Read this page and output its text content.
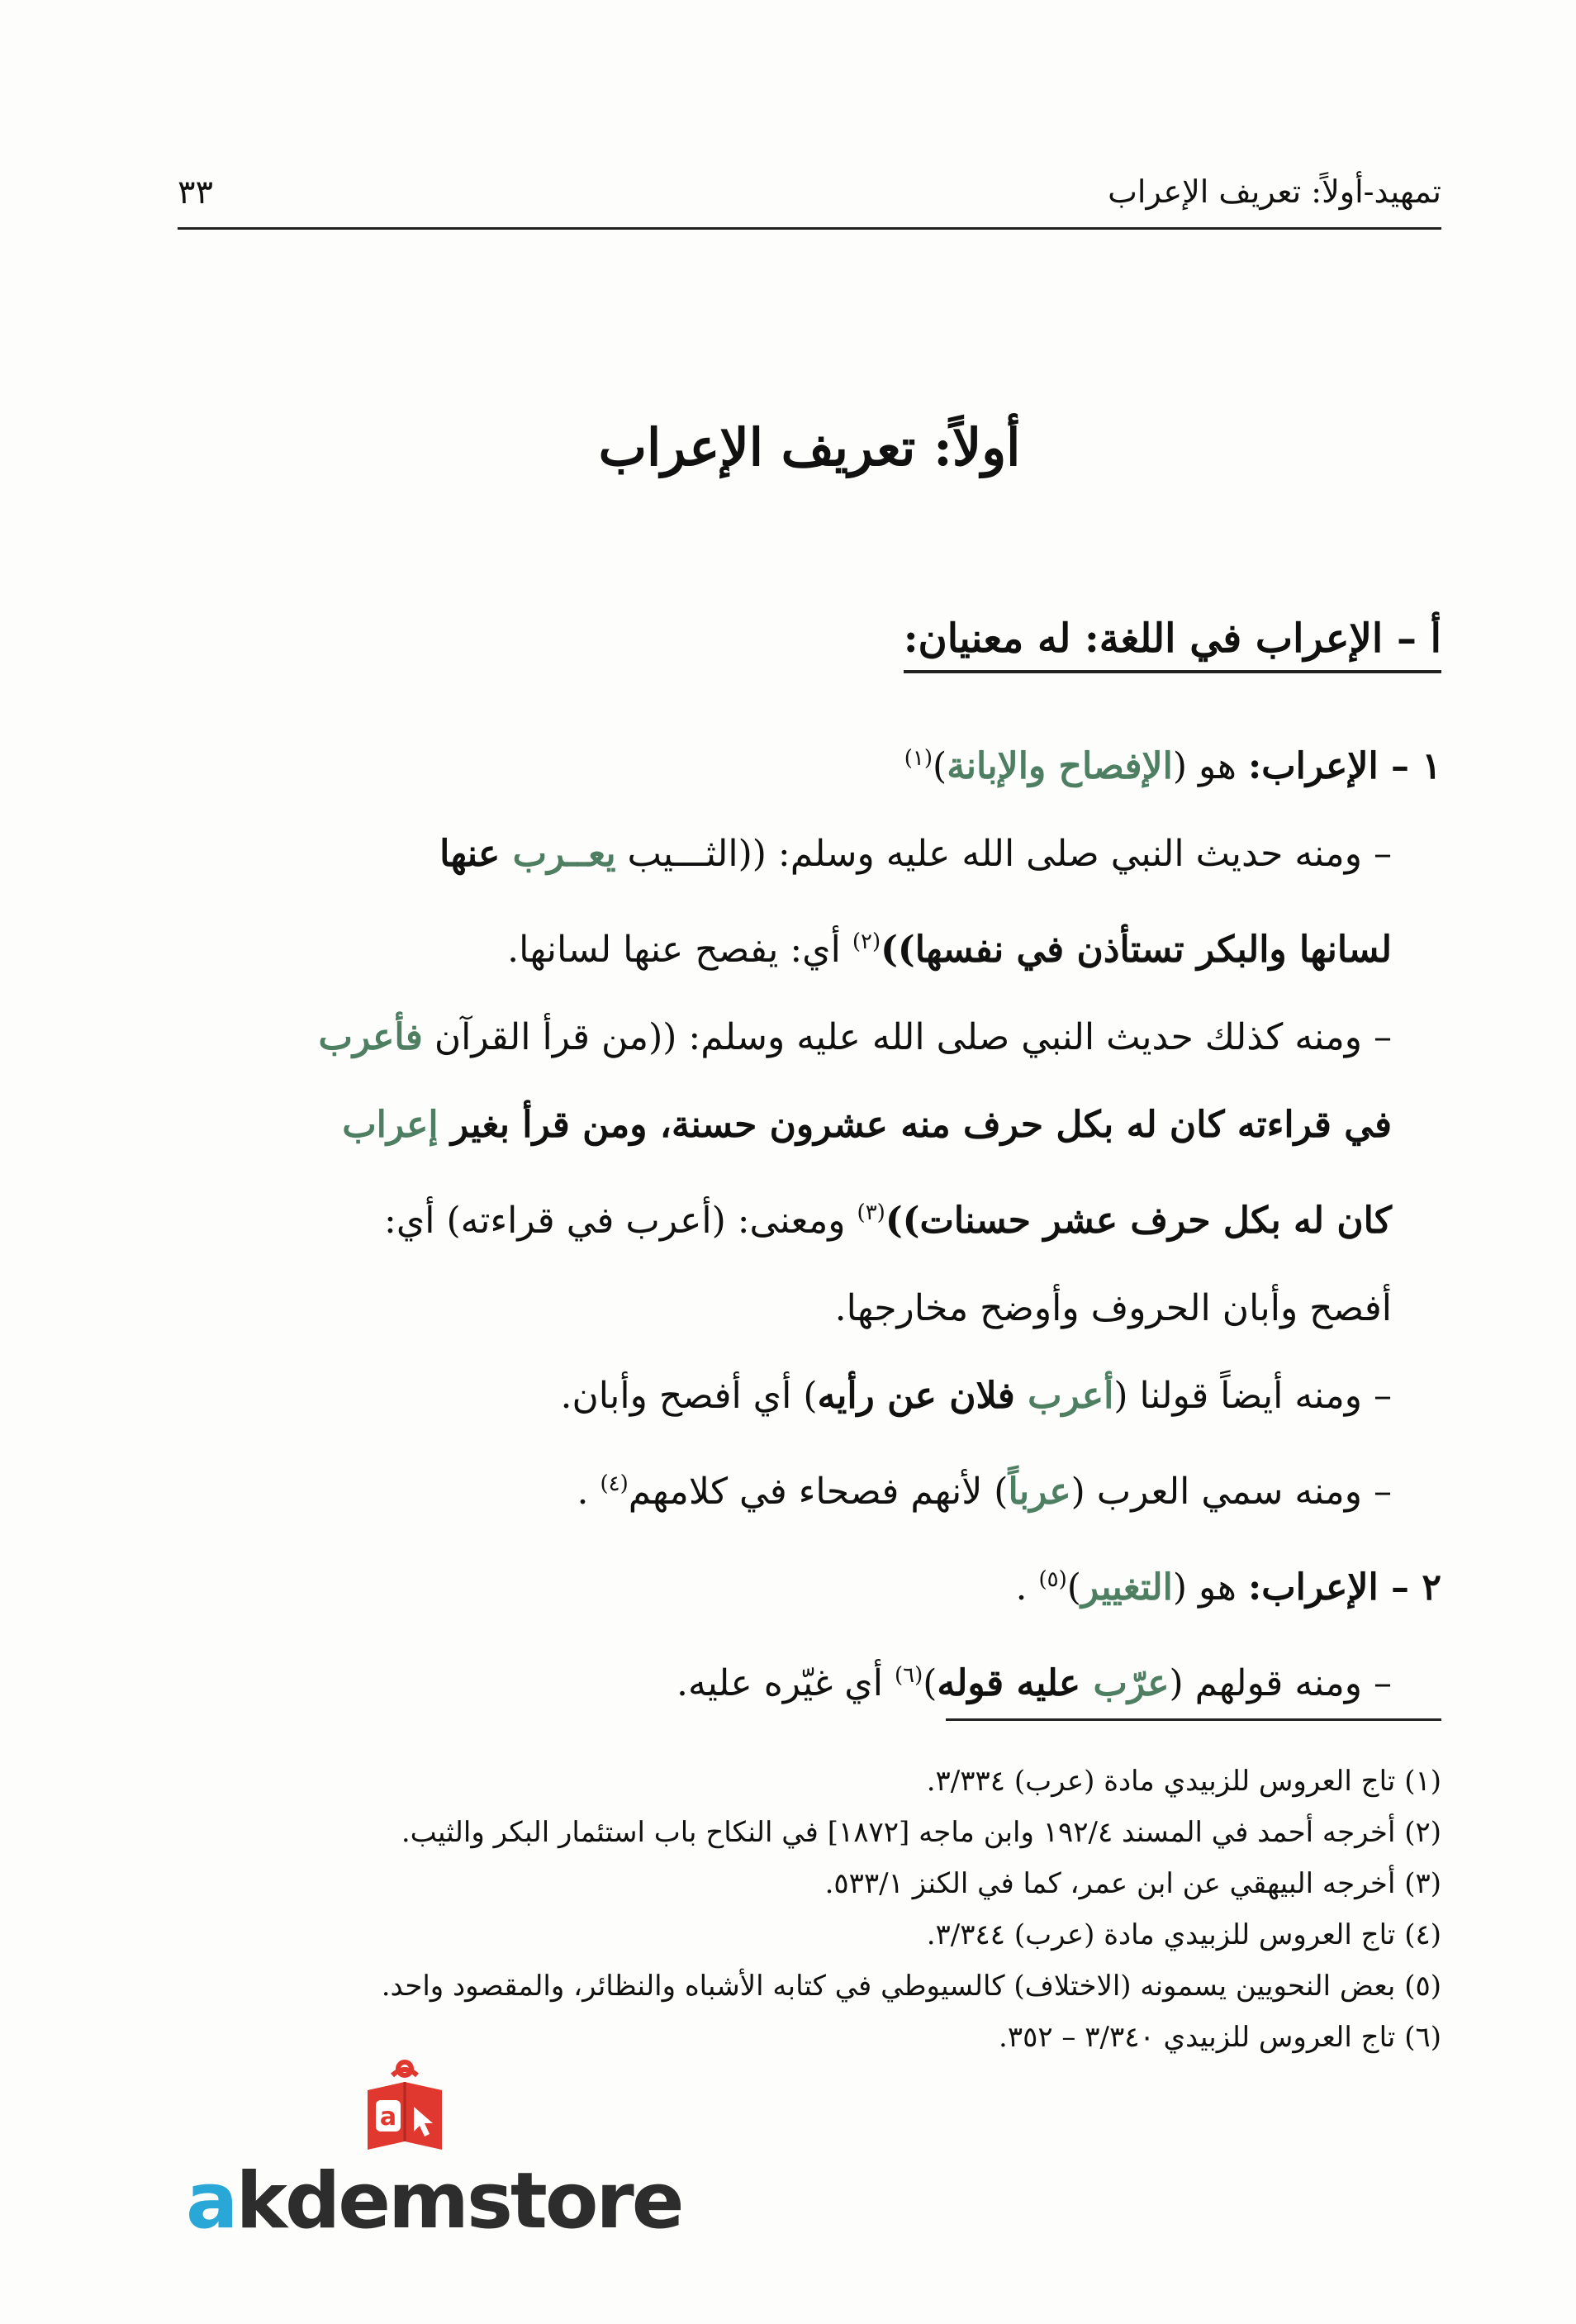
تمهيد-أولاً: تعريف الإعراب
٣٣
أولاً: تعريف الإعراب
أ – الإعراب في اللغة: له معنيان:
١ – الإعراب: هو (الإفصاح والإبانة)$^{(١)}$
– ومنه حديث النبي صلى الله عليه وسلم: ((الثـــيب يعــرب عنها
لسانها والبكر تستأذن في نفسها))$^{(٢)}$ أي: يفصح عنها لسانها.
– ومنه كذلك حديث النبي صلى الله عليه وسلم: ((من قرأ القرآن فأعرب
في قراءته كان له بكل حرف منه عشرون حسنة، ومن قرأ بغير إعراب
كان له بكل حرف عشر حسنات))$^{(٣)}$ ومعنى: (أعرب في قراءته) أي:
أفصح وأبان الحروف وأوضح مخارجها.
– ومنه أيضاً قولنا (أعرب فلان عن رأيه) أي أفصح وأبان.
– ومنه سمي العرب (عرباً) لأنهم فصحاء في كلامهم$^{(٤)}$ .
٢ – الإعراب: هو (التغيير)$^{(٥)}$ .
– ومنه قولهم (عرّب عليه قوله)$^{(٦)}$ أي غيّره عليه.
(١) تاج العروس للزبيدي مادة (عرب) ٣/٣٣٤.
(٢) أخرجه أحمد في المسند ١٩٢/٤ وابن ماجه [١٨٧٢] في النكاح باب استئمار البكر والثيب.
(٣) أخرجه البيهقي عن ابن عمر، كما في الكنز ٥٣٣/١.
(٤) تاج العروس للزبيدي مادة (عرب) ٣/٣٤٤.
(٥) بعض النحويين يسمونه (الاختلاف) كالسيوطي في كتابه الأشباه والنظائر، والمقصود واحد.
(٦) تاج العروس للزبيدي ٣/٣٤٠ – ٣٥٢.
a
akdemstore
